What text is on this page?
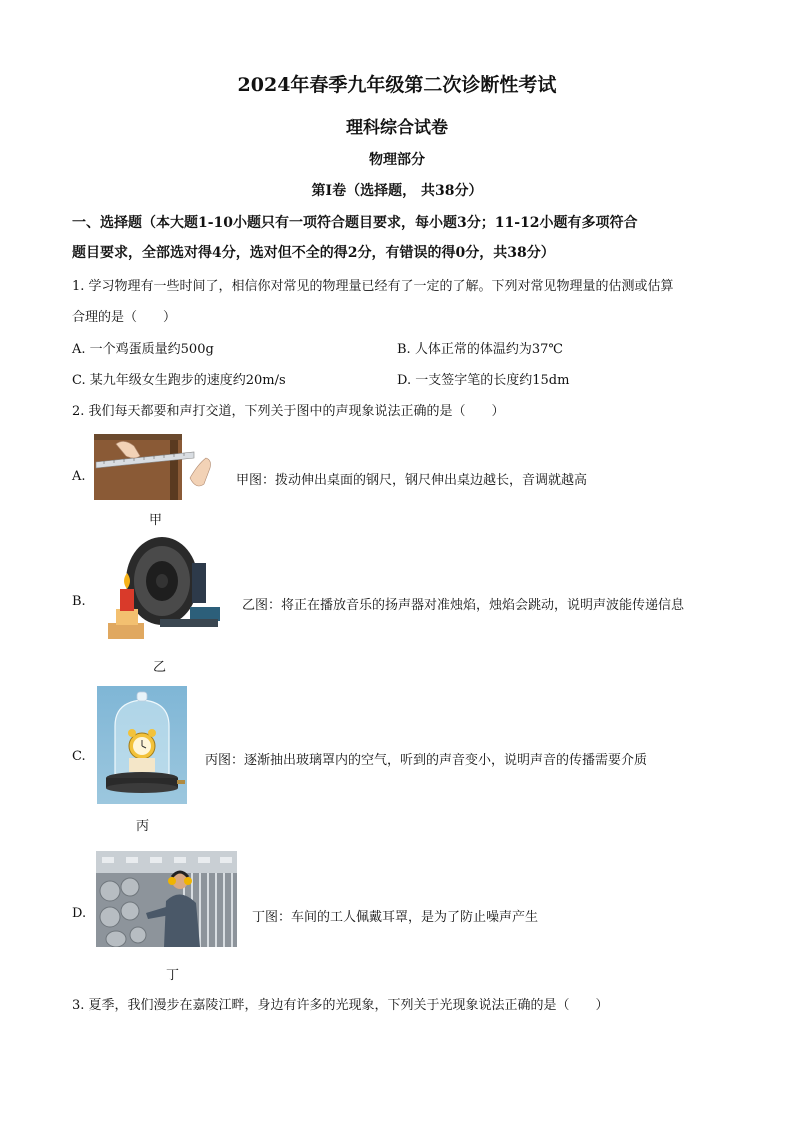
2024年春季九年级第二次诊断性考试
理科综合试卷
物理部分
第Ⅰ卷（选择题， 共38分）
一、选择题（本大题1-10小题只有一项符合题目要求，每小题3分；11-12小题有多项符合
题目要求，全部选对得4分，选对但不全的得2分，有错误的得0分，共38分）
1. 学习物理有一些时间了，相信你对常见的物理量已经有了一定的了解。下列对常见物理量的估测或估算
合理的是（　　）
A. 一个鸡蛋质量约500g	B. 人体正常的体温约为37℃
C. 某九年级女生跑步的速度约20m/s	D. 一支签字笔的长度约15dm
2. 我们每天都要和声打交道，下列关于图中的声现象说法正确的是（　　）
A.	甲图：拨动伸出桌面的钢尺，钢尺伸出桌边越长，音调就越高
甲
B.	乙图：将正在播放音乐的扬声器对准烛焰，烛焰会跳动，说明声波能传递信息
乙
C.	丙图：逐渐抽出玻璃罩内的空气，听到的声音变小，说明声音的传播需要介质
丙
D.	丁图：车间的工人佩戴耳罩，是为了防止噪声产生
丁
3. 夏季，我们漫步在嘉陵江畔，身边有许多的光现象，下列关于光现象说法正确的是（　　）
